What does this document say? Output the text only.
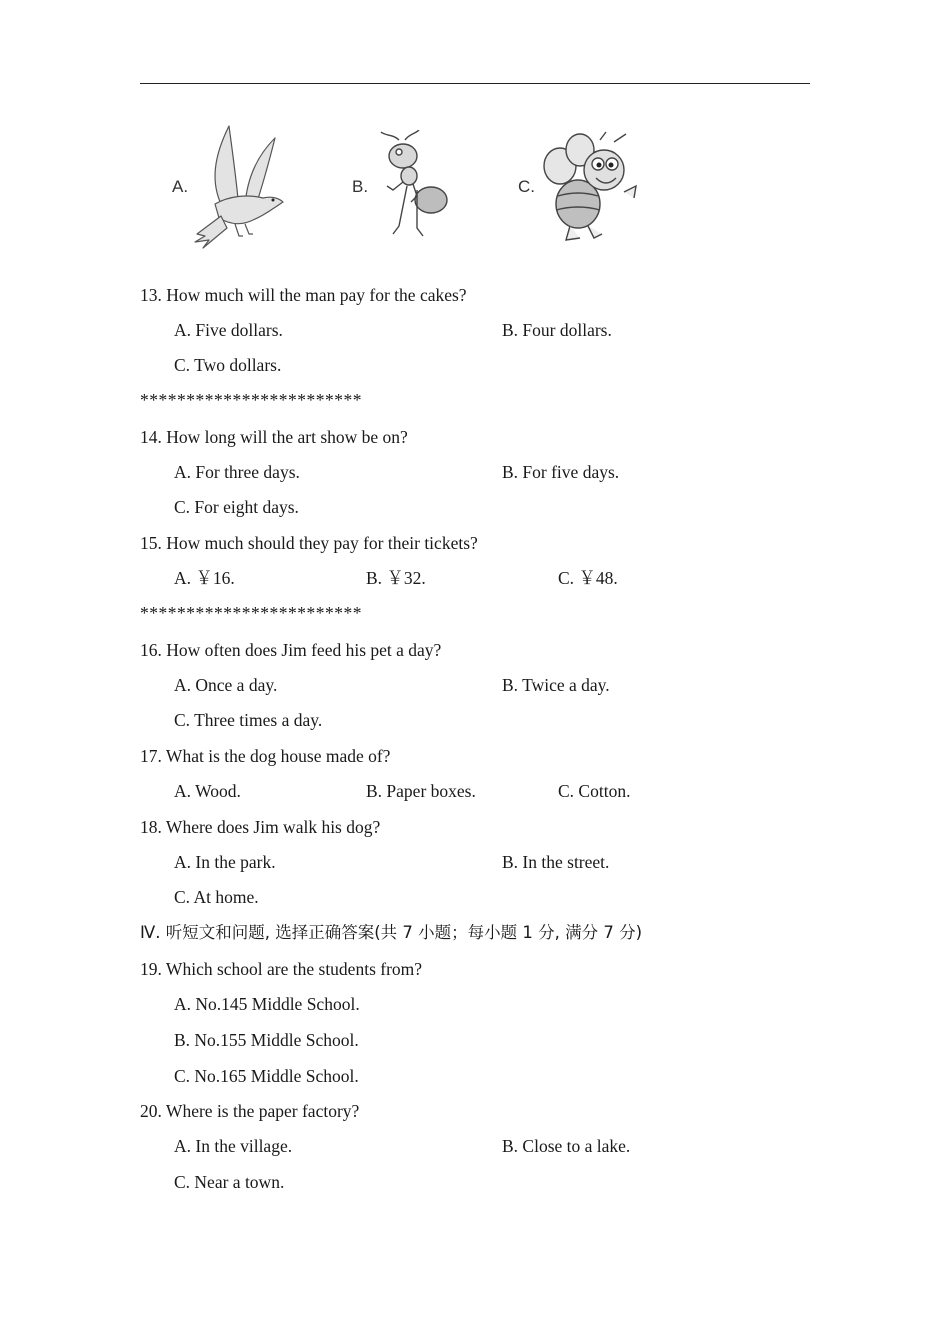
A.	B.	C.
13. How much will the man pay for the cakes?
A. Five dollars.	B. Four dollars.
C. Two dollars.
************************
14. How long will the art show be on?
A. For three days.	B. For five days.
C. For eight days.
15. How much should they pay for their tickets?
A. ￥16.	B. ￥32.	C. ￥48.
************************
16. How often does Jim feed his pet a day?
A. Once a day.	B. Twice a day.
C. Three times a day.
17. What is the dog house made of?
A. Wood.	B. Paper boxes.	C. Cotton.
18. Where does Jim walk his dog?
A. In the park.	B. In the street.
C. At home.
Ⅳ. 听短文和问题, 选择正确答案(共 7 小题；每小题 1 分, 满分 7 分)
19. Which school are the students from?
A. No.145 Middle School.
B. No.155 Middle School.
C. No.165 Middle School.
20. Where is the paper factory?
A. In the village.	B. Close to a lake.
C. Near a town.
